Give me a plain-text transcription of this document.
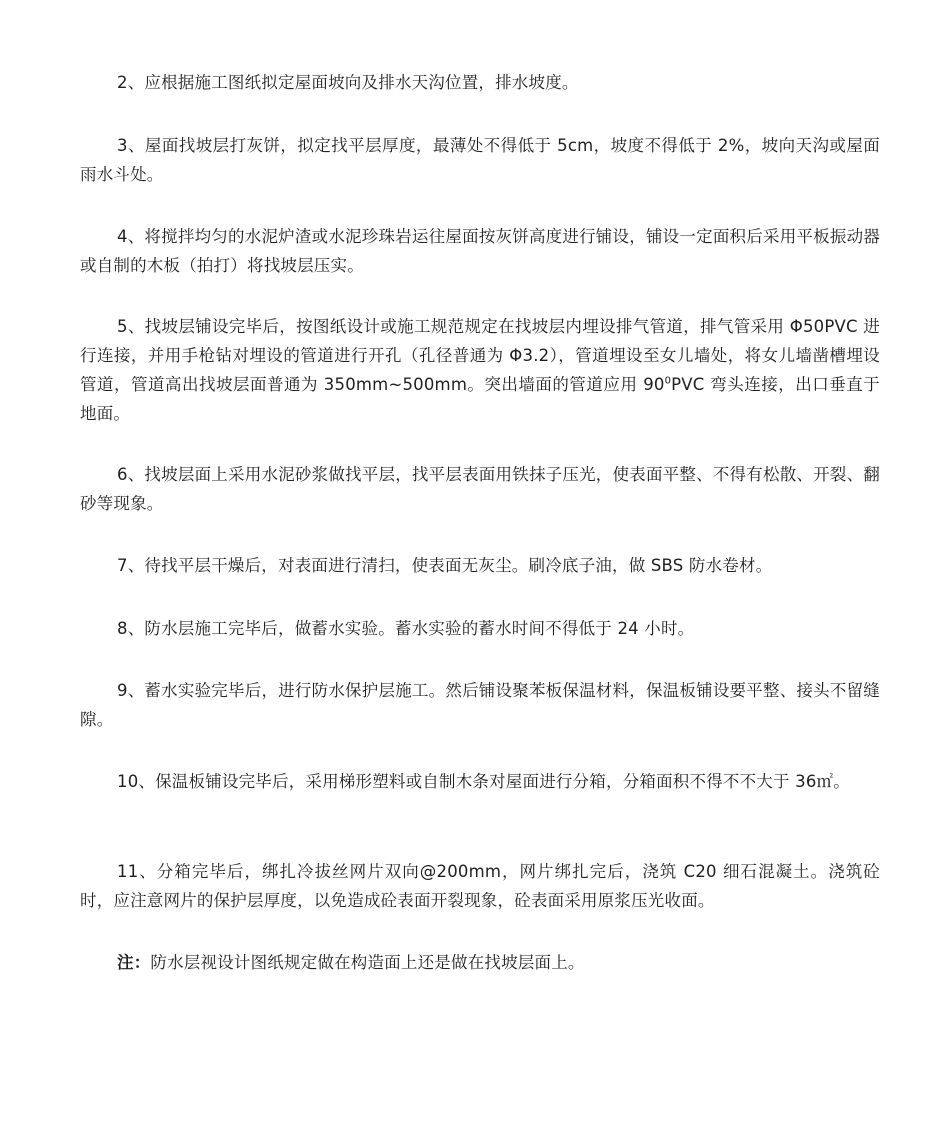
2、应根据施工图纸拟定屋面坡向及排水天沟位置，排水坡度。

3、屋面找坡层打灰饼，拟定找平层厚度，最薄处不得低于 5cm，坡度不得低于 2%，坡向天沟或屋面雨水斗处。

4、将搅拌均匀的水泥炉渣或水泥珍珠岩运往屋面按灰饼高度进行铺设，铺设一定面积后采用平板振动器或自制的木板（拍打）将找坡层压实。

5、找坡层铺设完毕后，按图纸设计或施工规范规定在找坡层内埋设排气管道，排气管采用 Φ50PVC 进行连接，并用手枪钻对埋设的管道进行开孔（孔径普通为 Φ3.2），管道埋设至女儿墙处，将女儿墙凿槽埋设管道，管道高出找坡层面普通为 350mm~500mm。突出墙面的管道应用 $90^0PVC$ 弯头连接，出口垂直于地面。

6、找坡层面上采用水泥砂浆做找平层，找平层表面用铁抹子压光，使表面平整、不得有松散、开裂、翻砂等现象。

7、待找平层干燥后，对表面进行清扫，使表面无灰尘。刷冷底子油，做 SBS 防水卷材。

8、防水层施工完毕后，做蓄水实验。蓄水实验的蓄水时间不得低于 24 小时。

9、蓄水实验完毕后，进行防水保护层施工。然后铺设聚苯板保温材料，保温板铺设要平整、接头不留缝隙。

10、保温板铺设完毕后，采用梯形塑料或自制木条对屋面进行分箱，分箱面积不得不不大于 36㎡。

11、分箱完毕后，绑扎冷拔丝网片双向@200mm，网片绑扎完后，浇筑 C20 细石混凝土。浇筑砼时，应注意网片的保护层厚度，以免造成砼表面开裂现象，砼表面采用原浆压光收面。

注：防水层视设计图纸规定做在构造面上还是做在找坡层面上。
